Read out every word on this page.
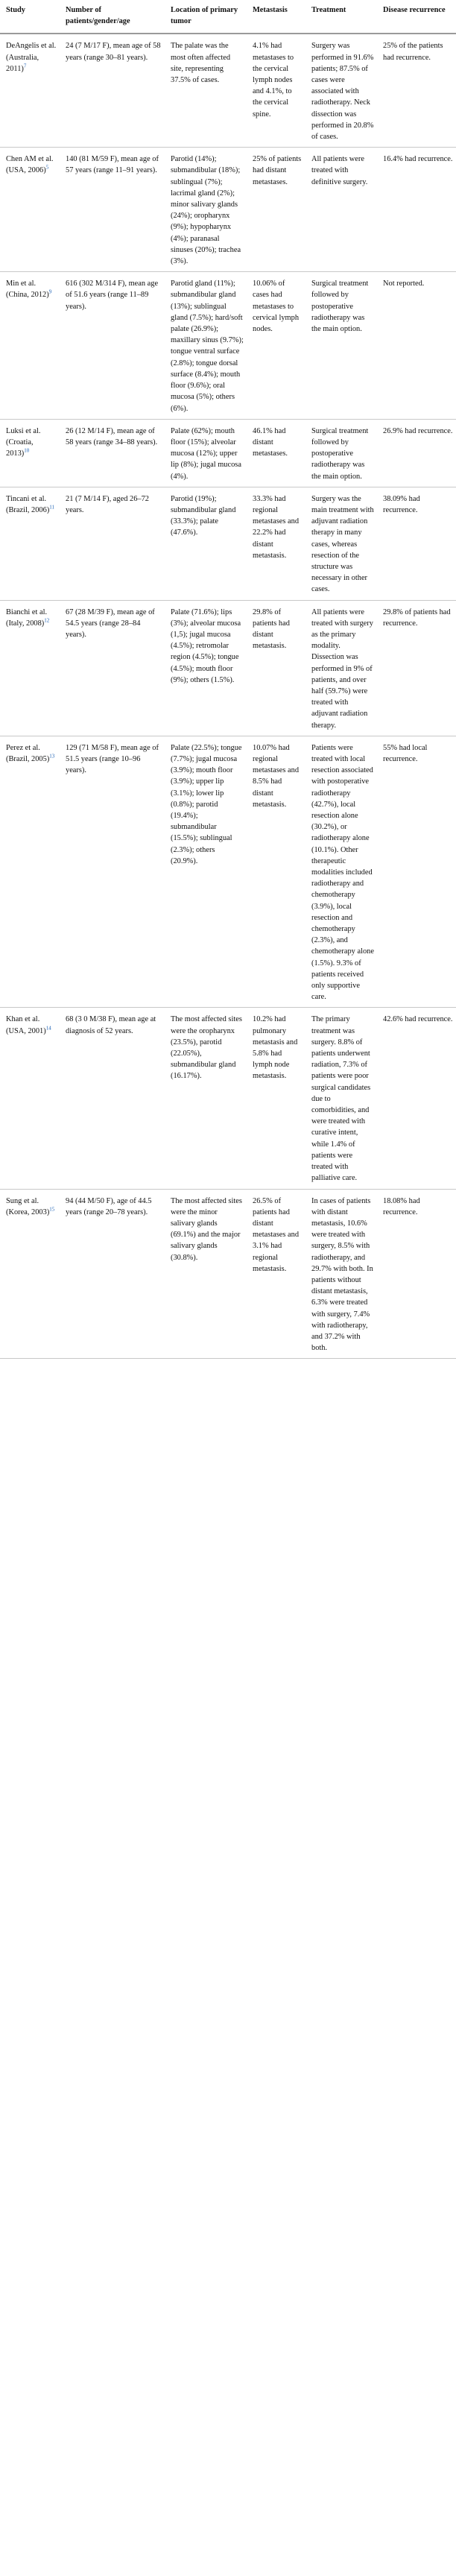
Study	Number of patients/gender/age	Location of primary tumor	Metastasis	Treatment	Disease recurrence
DeAngelis et al. (Australia, 2011)$^7$	24 (7 M/17 F), mean age of 58 years (range 30–81 years).	The palate was the most often affected site, representing 37.5% of cases.	4.1% had metastases to the cervical lymph nodes and 4.1%, to the cervical spine.	Surgery was performed in 91.6% patients; 87.5% of cases were associated with radiotherapy. Neck dissection was performed in 20.8% of cases.	25% of the patients had recurrence.
Chen AM et al. (USA, 2006)$^5$	140 (81 M/59 F), mean age of 57 years (range 11–91 years).	Parotid (14%); submandibular (18%); sublingual (7%); lacrimal gland (2%); minor salivary glands (24%); oropharynx (9%); hypopharynx (4%); paranasal sinuses (20%); trachea (3%).	25% of patients had distant metastases.	All patients were treated with definitive surgery.	16.4% had recurrence.
Min et al. (China, 2012)$^9$	616 (302 M/314 F), mean age of 51.6 years (range 11–89 years).	Parotid gland (11%); submandibular gland (13%); sublingual gland (7.5%); hard/soft palate (26.9%); maxillary sinus (9.7%); tongue ventral surface (2.8%); tongue dorsal surface (8.4%); mouth floor (9.6%); oral mucosa (5%); others (6%).	10.06% of cases had metastases to cervical lymph nodes.	Surgical treatment followed by postoperative radiotherapy was the main option.	Not reported.
Luksi et al. (Croatia, 2013)$^{10}$	26 (12 M/14 F), mean age of 58 years (range 34–88 years).	Palate (62%); mouth floor (15%); alveolar mucosa (12%); upper lip (8%); jugal mucosa (4%).	46.1% had distant metastases.	Surgical treatment followed by postoperative radiotherapy was the main option.	26.9% had recurrence.
Tincani et al. (Brazil, 2006)$^{11}$	21 (7 M/14 F), aged 26–72 years.	Parotid (19%); submandibular gland (33.3%); palate (47.6%).	33.3% had regional metastases and 22.2% had distant metastasis.	Surgery was the main treatment with adjuvant radiation therapy in many cases, whereas resection of the structure was necessary in other cases.	38.09% had recurrence.
Bianchi et al. (Italy, 2008)$^{12}$	67 (28 M/39 F), mean age of 54.5 years (range 28–84 years).	Palate (71.6%); lips (3%); alveolar mucosa (1,5); jugal mucosa (4.5%); retromolar region (4.5%); tongue (4.5%); mouth floor (9%); others (1.5%).	29.8% of patients had distant metastasis.	All patients were treated with surgery as the primary modality. Dissection was performed in 9% of patients, and over half (59.7%) were treated with adjuvant radiation therapy.	29.8% of patients had recurrence.
Perez et al. (Brazil, 2005)$^{13}$	129 (71 M/58 F), mean age of 51.5 years (range 10–96 years).	Palate (22.5%); tongue (7.7%); jugal mucosa (3.9%); mouth floor (3.9%); upper lip (3.1%); lower lip (0.8%); parotid (19.4%); submandibular (15.5%); sublingual (2.3%); others (20.9%).	10.07% had regional metastases and 8.5% had distant metastasis.	Patients were treated with local resection associated with postoperative radiotherapy (42.7%), local resection alone (30.2%), or radiotherapy alone (10.1%). Other therapeutic modalities included radiotherapy and chemotherapy (3.9%), local resection and chemotherapy (2.3%), and chemotherapy alone (1.5%). 9.3% of patients received only supportive care.	55% had local recurrence.
Khan et al. (USA, 2001)$^{14}$	68 (3 0 M/38 F), mean age at diagnosis of 52 years.	The most affected sites were the oropharynx (23.5%), parotid (22.05%), submandibular gland (16.17%).	10.2% had pulmonary metastasis and 5.8% had lymph node metastasis.	The primary treatment was surgery. 8.8% of patients underwent radiation, 7.3% of patients were poor surgical candidates due to comorbidities, and were treated with curative intent, while 1.4% of patients were treated with palliative care.	42.6% had recurrence.
Sung et al. (Korea, 2003)$^{15}$	94 (44 M/50 F), age of 44.5 years (range 20–78 years).	The most affected sites were the minor salivary glands (69.1%) and the major salivary glands (30.8%).	26.5% of patients had distant metastases and 3.1% had regional metastasis.	In cases of patients with distant metastasis, 10.6% were treated with surgery, 8.5% with radiotherapy, and 29.7% with both. In patients without distant metastasis, 6.3% were treated with surgery, 7.4% with radiotherapy, and 37.2% with both.	18.08% had recurrence.
